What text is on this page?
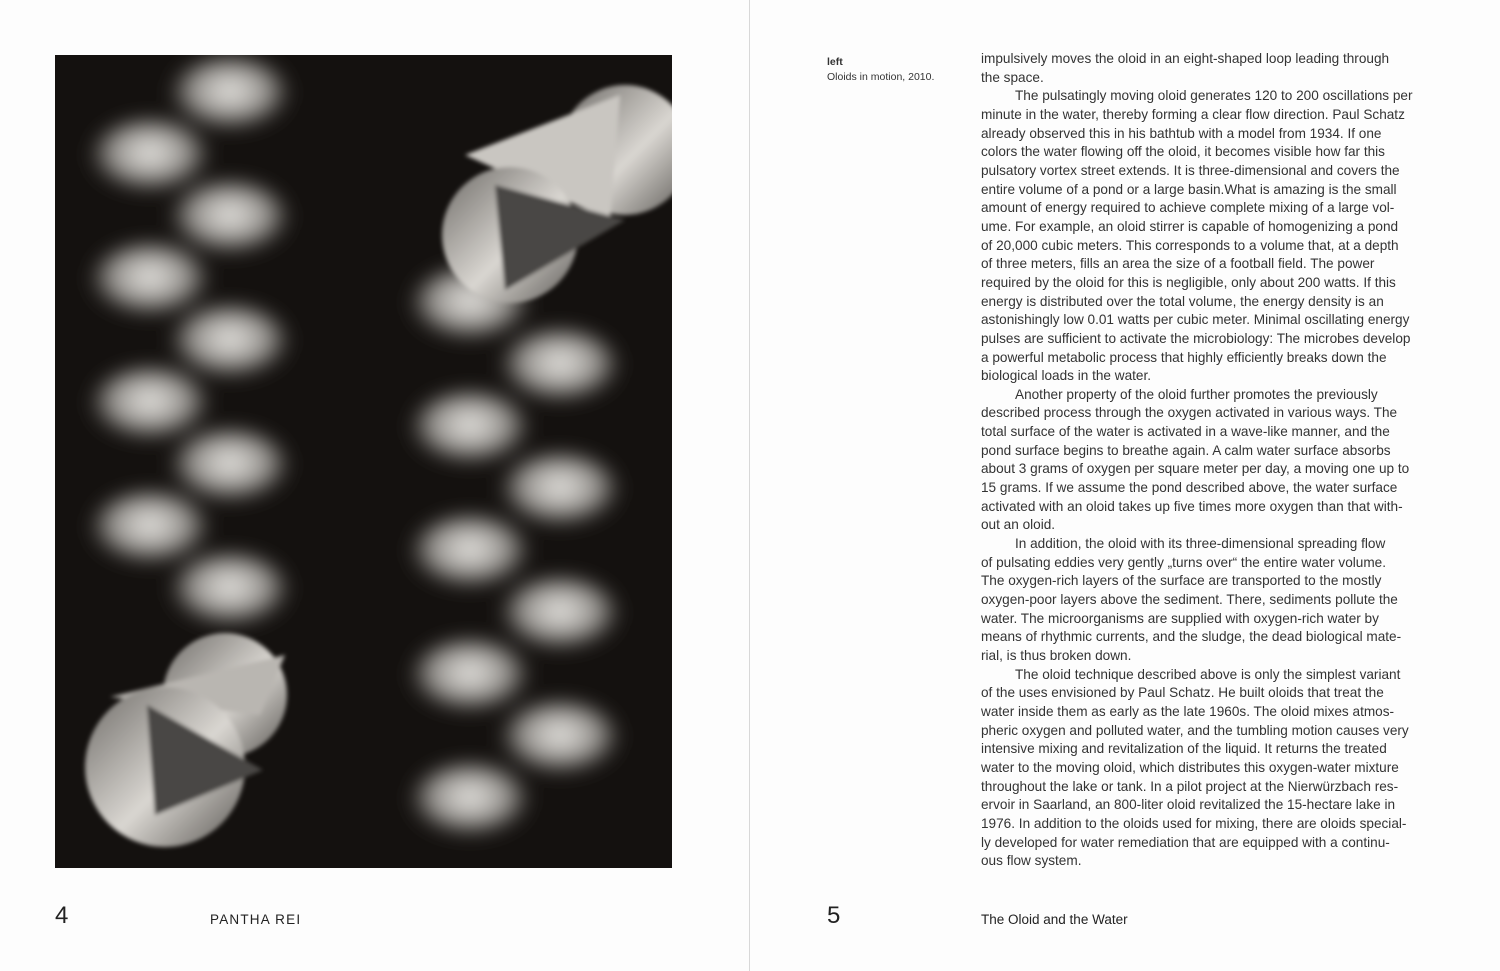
4	PANTHA REI
left
Oloids in motion, 2010.
impulsively moves the oloid in an eight-shaped loop leading through
the space.
The pulsatingly moving oloid generates 120 to 200 oscillations per
minute in the water, thereby forming a clear flow direction. Paul Schatz
already observed this in his bathtub with a model from 1934. If one
colors the water flowing off the oloid, it becomes visible how far this
pulsatory vortex street extends. It is three-dimensional and covers the
entire volume of a pond or a large basin.What is amazing is the small
amount of energy required to achieve complete mixing of a large vol-
ume. For example, an oloid stirrer is capable of homogenizing a pond
of 20,000 cubic meters. This corresponds to a volume that, at a depth
of three meters, fills an area the size of a football field. The power
required by the oloid for this is negligible, only about 200 watts. If this
energy is distributed over the total volume, the energy density is an
astonishingly low 0.01 watts per cubic meter. Minimal oscillating energy
pulses are sufficient to activate the microbiology: The microbes develop
a powerful metabolic process that highly efficiently breaks down the
biological loads in the water.
Another property of the oloid further promotes the previously
described process through the oxygen activated in various ways. The
total surface of the water is activated in a wave-like manner, and the
pond surface begins to breathe again. A calm water surface absorbs
about 3 grams of oxygen per square meter per day, a moving one up to
15 grams. If we assume the pond described above, the water surface
activated with an oloid takes up five times more oxygen than that with-
out an oloid.
In addition, the oloid with its three-dimensional spreading flow
of pulsating eddies very gently „turns over“ the entire water volume.
The oxygen-rich layers of the surface are transported to the mostly
oxygen-poor layers above the sediment. There, sediments pollute the
water. The microorganisms are supplied with oxygen-rich water by
means of rhythmic currents, and the sludge, the dead biological mate-
rial, is thus broken down.
The oloid technique described above is only the simplest variant
of the uses envisioned by Paul Schatz. He built oloids that treat the
water inside them as early as the late 1960s. The oloid mixes atmos-
pheric oxygen and polluted water, and the tumbling motion causes very
intensive mixing and revitalization of the liquid. It returns the treated
water to the moving oloid, which distributes this oxygen-water mixture
throughout the lake or tank. In a pilot project at the Nierwürzbach res-
ervoir in Saarland, an 800-liter oloid revitalized the 15-hectare lake in
1976. In addition to the oloids used for mixing, there are oloids special-
ly developed for water remediation that are equipped with a continu-
ous flow system.
5	The Oloid and the Water
